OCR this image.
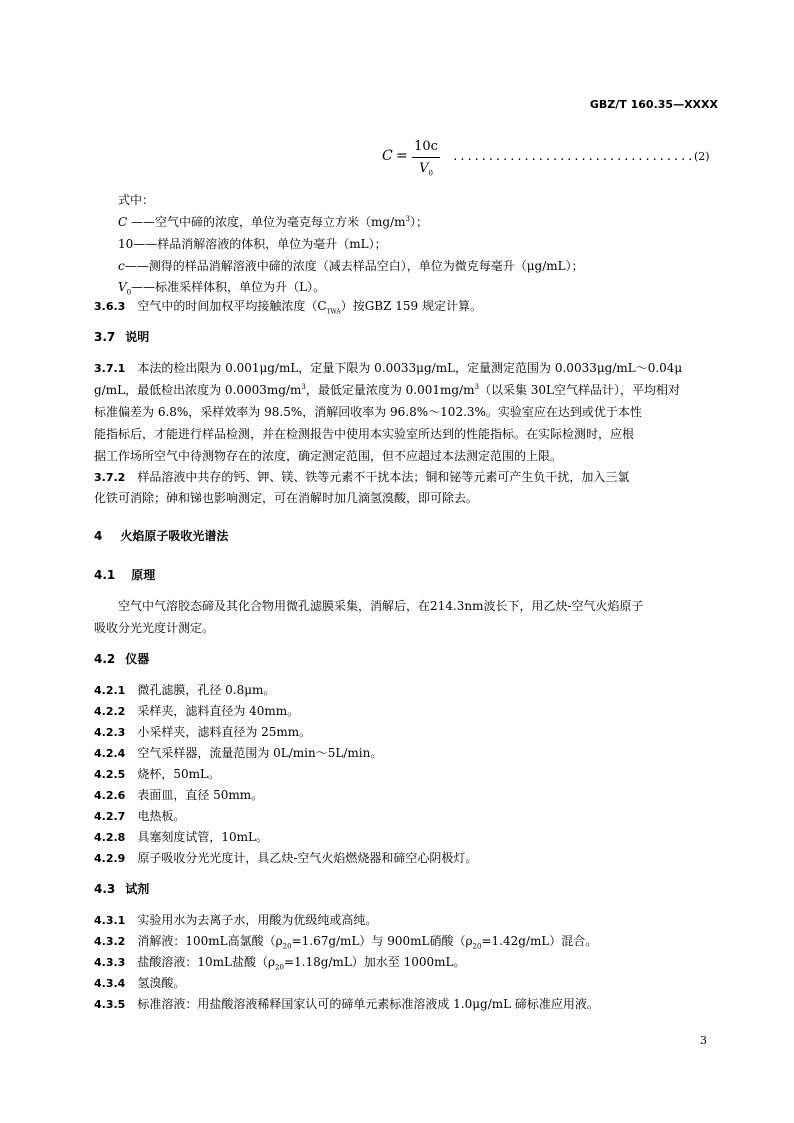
GBZ/T 160.35—XXXX
C =
10c
$V_0$
.................................. (2)
式中：
C ——空气中碲的浓度，单位为毫克每立方米$(mg/m^3)$；
10——样品消解溶液的体积，单位为毫升（mL）；
c——测得的样品消解溶液中碲的浓度（减去样品空白），单位为微克每毫升（μg/mL）；
$V_0——$标准采样体积，单位为升（L）。
3.6.3 空气中的时间加权平均接触浓度$(C_{TWA})$按GBZ 159 规定计算。
3.7 说明
3.7.1 本法的检出限为 0.001μg/mL，定量下限为 0.0033μg/mL，定量测定范围为 0.0033μg/mL～0.04μ
g/mL，最低检出浓度为 $0.0003mg/m^3$，最低定量浓度为 $0.001mg/m^3$（以采集 30L空气样品计），平均相对
标准偏差为 6.8%，采样效率为 98.5%，消解回收率为 96.8%～102.3%。实验室应在达到或优于本性
能指标后，才能进行样品检测，并在检测报告中使用本实验室所达到的性能指标。在实际检测时，应根
据工作场所空气中待测物存在的浓度，确定测定范围，但不应超过本法测定范围的上限。
3.7.2 样品溶液中共存的钙、钾、镁、铁等元素不干扰本法；铜和铋等元素可产生负干扰，加入三氯
化铁可消除；砷和锑也影响测定，可在消解时加几滴氢溴酸，即可除去。
4 火焰原子吸收光谱法
4.1 原理
空气中气溶胶态碲及其化合物用微孔滤膜采集，消解后，在214.3nm波长下，用乙炔-空气火焰原子
吸收分光光度计测定。
4.2 仪器
4.2.1 微孔滤膜，孔径 0.8μm。
4.2.2 采样夹，滤料直径为 40mm。
4.2.3 小采样夹，滤料直径为 25mm。
4.2.4 空气采样器，流量范围为 0L/min～5L/min。
4.2.5 烧杯，50mL。
4.2.6 表面皿，直径 50mm。
4.2.7 电热板。
4.2.8 具塞刻度试管，10mL。
4.2.9 原子吸收分光光度计，具乙炔-空气火焰燃烧器和碲空心阴极灯。
4.3 试剂
4.3.1 实验用水为去离子水，用酸为优级纯或高纯。
4.3.2 消解液：100mL高氯酸$(\rho_{20}=1.67g/mL)$与 900mL硝酸$(\rho_{20}=1.42g/mL)$混合。
4.3.3 盐酸溶液：10mL盐酸$(\rho_{20}=1.18g/mL)$加水至 1000mL。
4.3.4 氢溴酸。
4.3.5 标准溶液：用盐酸溶液稀释国家认可的碲单元素标准溶液成 1.0μg/mL 碲标准应用液。
3
